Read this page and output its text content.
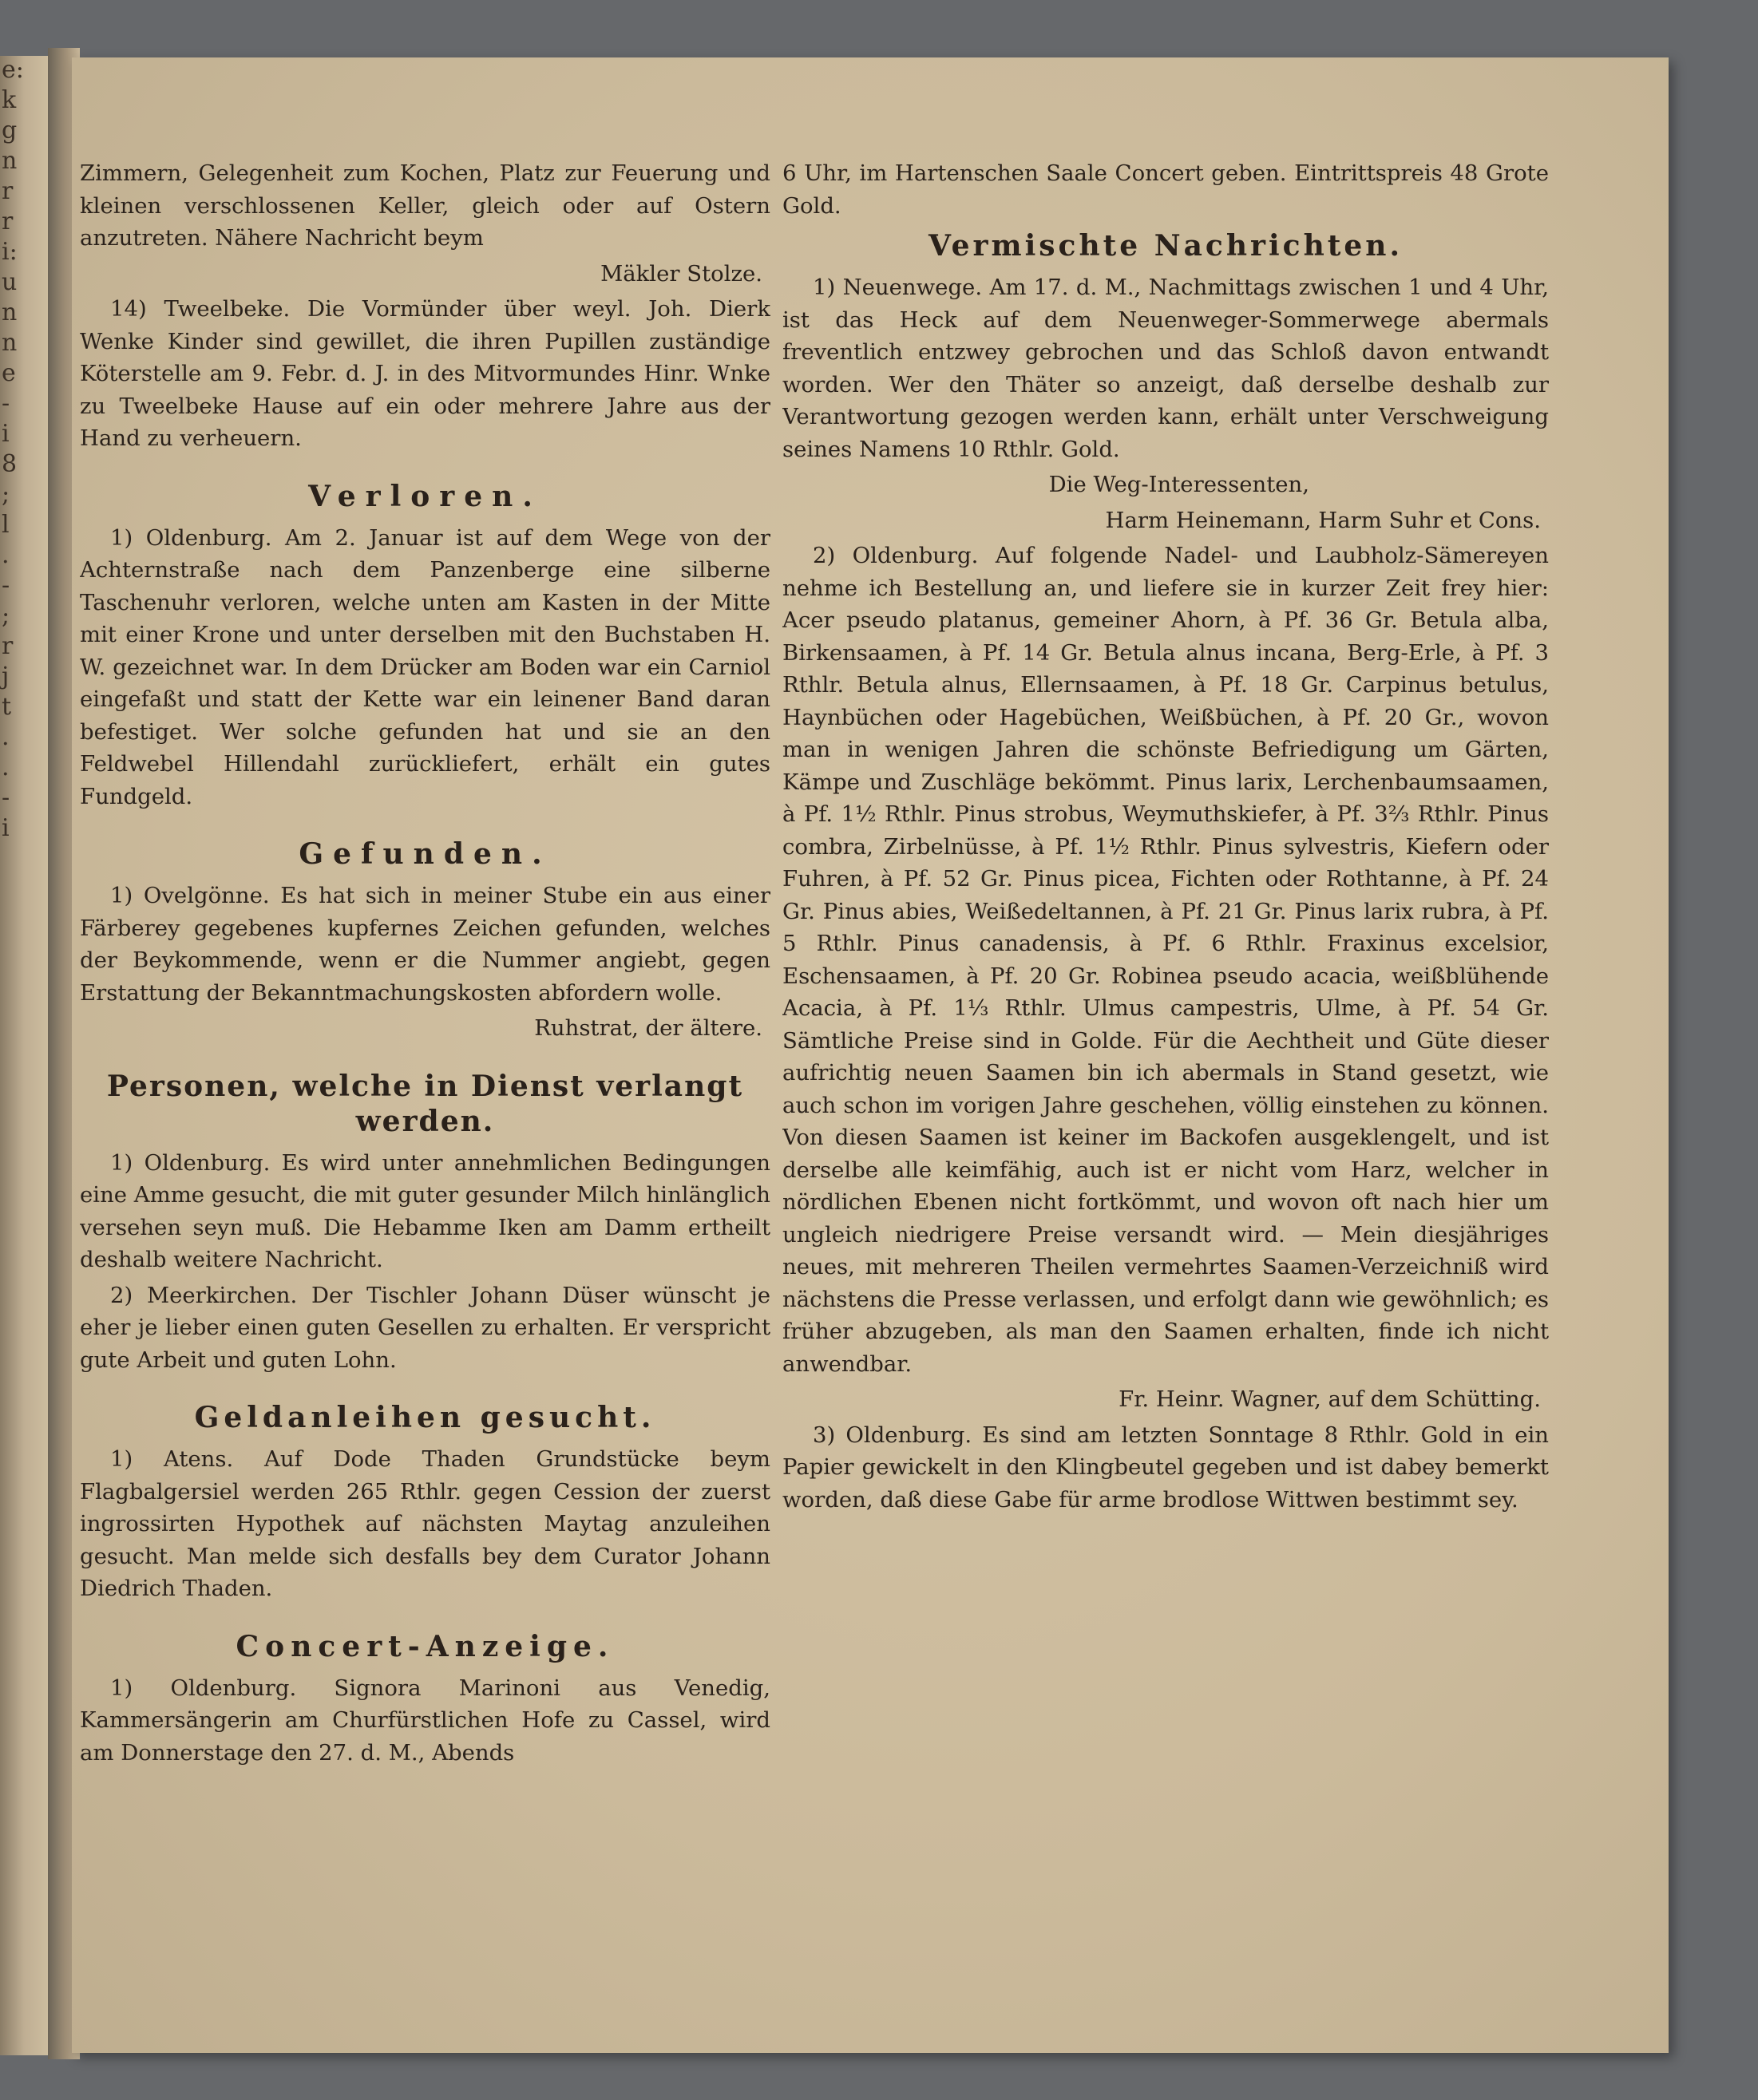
e:
k
g
n
r
r
i:
u
n
n
e
-
i
8
;
l
.
-
;
r
j
t
.
.
-
i

Zimmern, Gelegenheit zum Kochen, Platz zur Feuerung und kleinen verschlossenen Keller, gleich oder auf Ostern anzutreten. Nähere Nachricht beym

Mäkler Stolze.

14) Tweelbeke. Die Vormünder über weyl. Joh. Dierk Wenke Kinder sind gewillet, die ihren Pupillen zuständige Köterstelle am 9. Febr. d. J. in des Mitvormundes Hinr. Wnke zu Tweelbeke Hause auf ein oder mehrere Jahre aus der Hand zu verheuern.

Verloren.

1) Oldenburg. Am 2. Januar ist auf dem Wege von der Achternstraße nach dem Panzenberge eine silberne Taschenuhr verloren, welche unten am Kasten in der Mitte mit einer Krone und unter derselben mit den Buchstaben H. W. gezeichnet war. In dem Drücker am Boden war ein Carniol eingefaßt und statt der Kette war ein leinener Band daran befestiget. Wer solche gefunden hat und sie an den Feldwebel Hillendahl zurückliefert, erhält ein gutes Fundgeld.

Gefunden.

1) Ovelgönne. Es hat sich in meiner Stube ein aus einer Färberey gegebenes kupfernes Zeichen gefunden, welches der Beykommende, wenn er die Nummer angiebt, gegen Erstattung der Bekanntmachungskosten abfordern wolle.

Ruhstrat, der ältere.
Personen, welche in Dienst verlangt werden.

1) Oldenburg. Es wird unter annehmlichen Bedingungen eine Amme gesucht, die mit guter gesunder Milch hinlänglich versehen seyn muß. Die Hebamme Iken am Damm ertheilt deshalb weitere Nachricht.

2) Meerkirchen. Der Tischler Johann Düser wünscht je eher je lieber einen guten Gesellen zu erhalten. Er verspricht gute Arbeit und guten Lohn.

Geldanleihen gesucht.

1) Atens. Auf Dode Thaden Grundstücke beym Flagbalgersiel werden 265 Rthlr. gegen Cession der zuerst ingrossirten Hypothek auf nächsten Maytag anzuleihen gesucht. Man melde sich desfalls bey dem Curator Johann Diedrich Thaden.

Concert-Anzeige.

1) Oldenburg. Signora Marinoni aus Venedig, Kammersängerin am Churfürstlichen Hofe zu Cassel, wird am Donnerstage den 27. d. M., Abends

6 Uhr, im Hartenschen Saale Concert geben. Eintrittspreis 48 Grote Gold.

Vermischte Nachrichten.

1) Neuenwege. Am 17. d. M., Nachmittags zwischen 1 und 4 Uhr, ist das Heck auf dem Neuenweger-Sommerwege abermals freventlich entzwey gebrochen und das Schloß davon entwandt worden. Wer den Thäter so anzeigt, daß derselbe deshalb zur Verantwortung gezogen werden kann, erhält unter Verschweigung seines Namens 10 Rthlr. Gold.

Die Weg-Interessenten,
Harm Heinemann, Harm Suhr et Cons.

2) Oldenburg. Auf folgende Nadel- und Laubholz-Sämereyen nehme ich Bestellung an, und liefere sie in kurzer Zeit frey hier: Acer pseudo platanus, gemeiner Ahorn, à Pf. 36 Gr. Betula alba, Birkensaamen, à Pf. 14 Gr. Betula alnus incana, Berg-Erle, à Pf. 3 Rthlr. Betula alnus, Ellernsaamen, à Pf. 18 Gr. Carpinus betulus, Haynbüchen oder Hagebüchen, Weißbüchen, à Pf. 20 Gr., wovon man in wenigen Jahren die schönste Befriedigung um Gärten, Kämpe und Zuschläge bekömmt. Pinus larix, Lerchenbaumsaamen, à Pf. 1½ Rthlr. Pinus strobus, Weymuthskiefer, à Pf. 3⅔ Rthlr. Pinus combra, Zirbelnüsse, à Pf. 1½ Rthlr. Pinus sylvestris, Kiefern oder Fuhren, à Pf. 52 Gr. Pinus picea, Fichten oder Rothtanne, à Pf. 24 Gr. Pinus abies, Weißedeltannen, à Pf. 21 Gr. Pinus larix rubra, à Pf. 5 Rthlr. Pinus canadensis, à Pf. 6 Rthlr. Fraxinus excelsior, Eschensaamen, à Pf. 20 Gr. Robinea pseudo acacia, weißblühende Acacia, à Pf. 1⅓ Rthlr. Ulmus campestris, Ulme, à Pf. 54 Gr. Sämtliche Preise sind in Golde. Für die Aechtheit und Güte dieser aufrichtig neuen Saamen bin ich abermals in Stand gesetzt, wie auch schon im vorigen Jahre geschehen, völlig einstehen zu können. Von diesen Saamen ist keiner im Backofen ausgeklengelt, und ist derselbe alle keimfähig, auch ist er nicht vom Harz, welcher in nördlichen Ebenen nicht fortkömmt, und wovon oft nach hier um ungleich niedrigere Preise versandt wird. — Mein diesjähriges neues, mit mehreren Theilen vermehrtes Saamen-Verzeichniß wird nächstens die Presse verlassen, und erfolgt dann wie gewöhnlich; es früher abzugeben, als man den Saamen erhalten, finde ich nicht anwendbar.

Fr. Heinr. Wagner, auf dem Schütting.

3) Oldenburg. Es sind am letzten Sonntage 8 Rthlr. Gold in ein Papier gewickelt in den Klingbeutel gegeben und ist dabey bemerkt worden, daß diese Gabe für arme brodlose Wittwen bestimmt sey.
